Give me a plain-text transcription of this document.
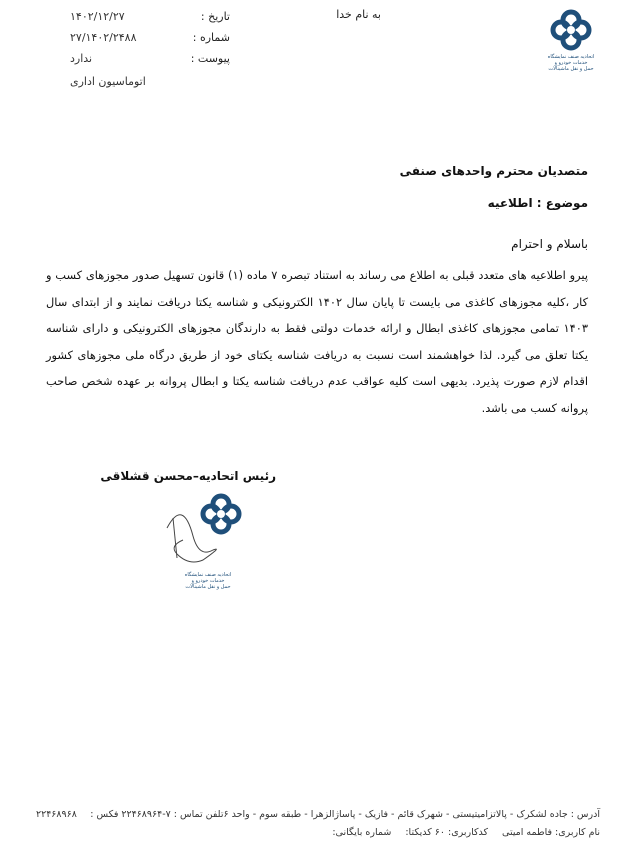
به نام خدا
تاریخ :
۱۴۰۲/۱۲/۲۷
شماره :
۲۷/۱۴۰۲/۲۴۸۸
پیوست :
ندارد
اتوماسیون اداری
اتحادیه صنف نمایشگاه
خدمات خودرو و
حمل و نقل ماشینآلات
متصدیان محترم واحدهای صنفی
موضوع : اطلاعیه
باسلام و احترام
پیرو اطلاعیه های متعدد قبلی به اطلاع می رساند به استناد تبصره ۷ ماده (۱) قانون تسهیل صدور مجوزهای کسب و کار ،کلیه مجوزهای کاغذی می بایست تا پایان سال ۱۴۰۲ الکترونیکی و شناسه یکتا دریافت نمایند و از ابتدای سال ۱۴۰۳ تمامی مجوزهای کاغذی ابطال و ارائه خدمات دولتی فقط به دارندگان مجوزهای الکترونیکی و دارای شناسه یکتا تعلق می گیرد. لذا خواهشمند است نسبت به دریافت شناسه یکتای خود از طریق درگاه ملی مجوزهای کشور اقدام لازم صورت پذیرد. بدیهی است کلیه عواقب عدم دریافت شناسه یکتا و ابطال پروانه بر عهده شخص صاحب پروانه کسب می باشد.
رئیس اتحادیه–محسن قشلاقی
اتحادیه صنف نمایشگاه
خدمات خودرو و
حمل و نقل ماشینآلات
آدرس : جاده لشکرک - پالاتزامیتیستی - شهرک قائم - فازیک - پاساژالزهرا - طبقه سوم - واحد ۶تلفن تماس : ۷-۲۲۴۶۸۹۶۴ فکس :
۲۲۴۶۸۹۶۸
نام کاربری: فاطمه امیتی
کدکاربری: ۶۰ کدیکتا:
شماره بایگانی:
